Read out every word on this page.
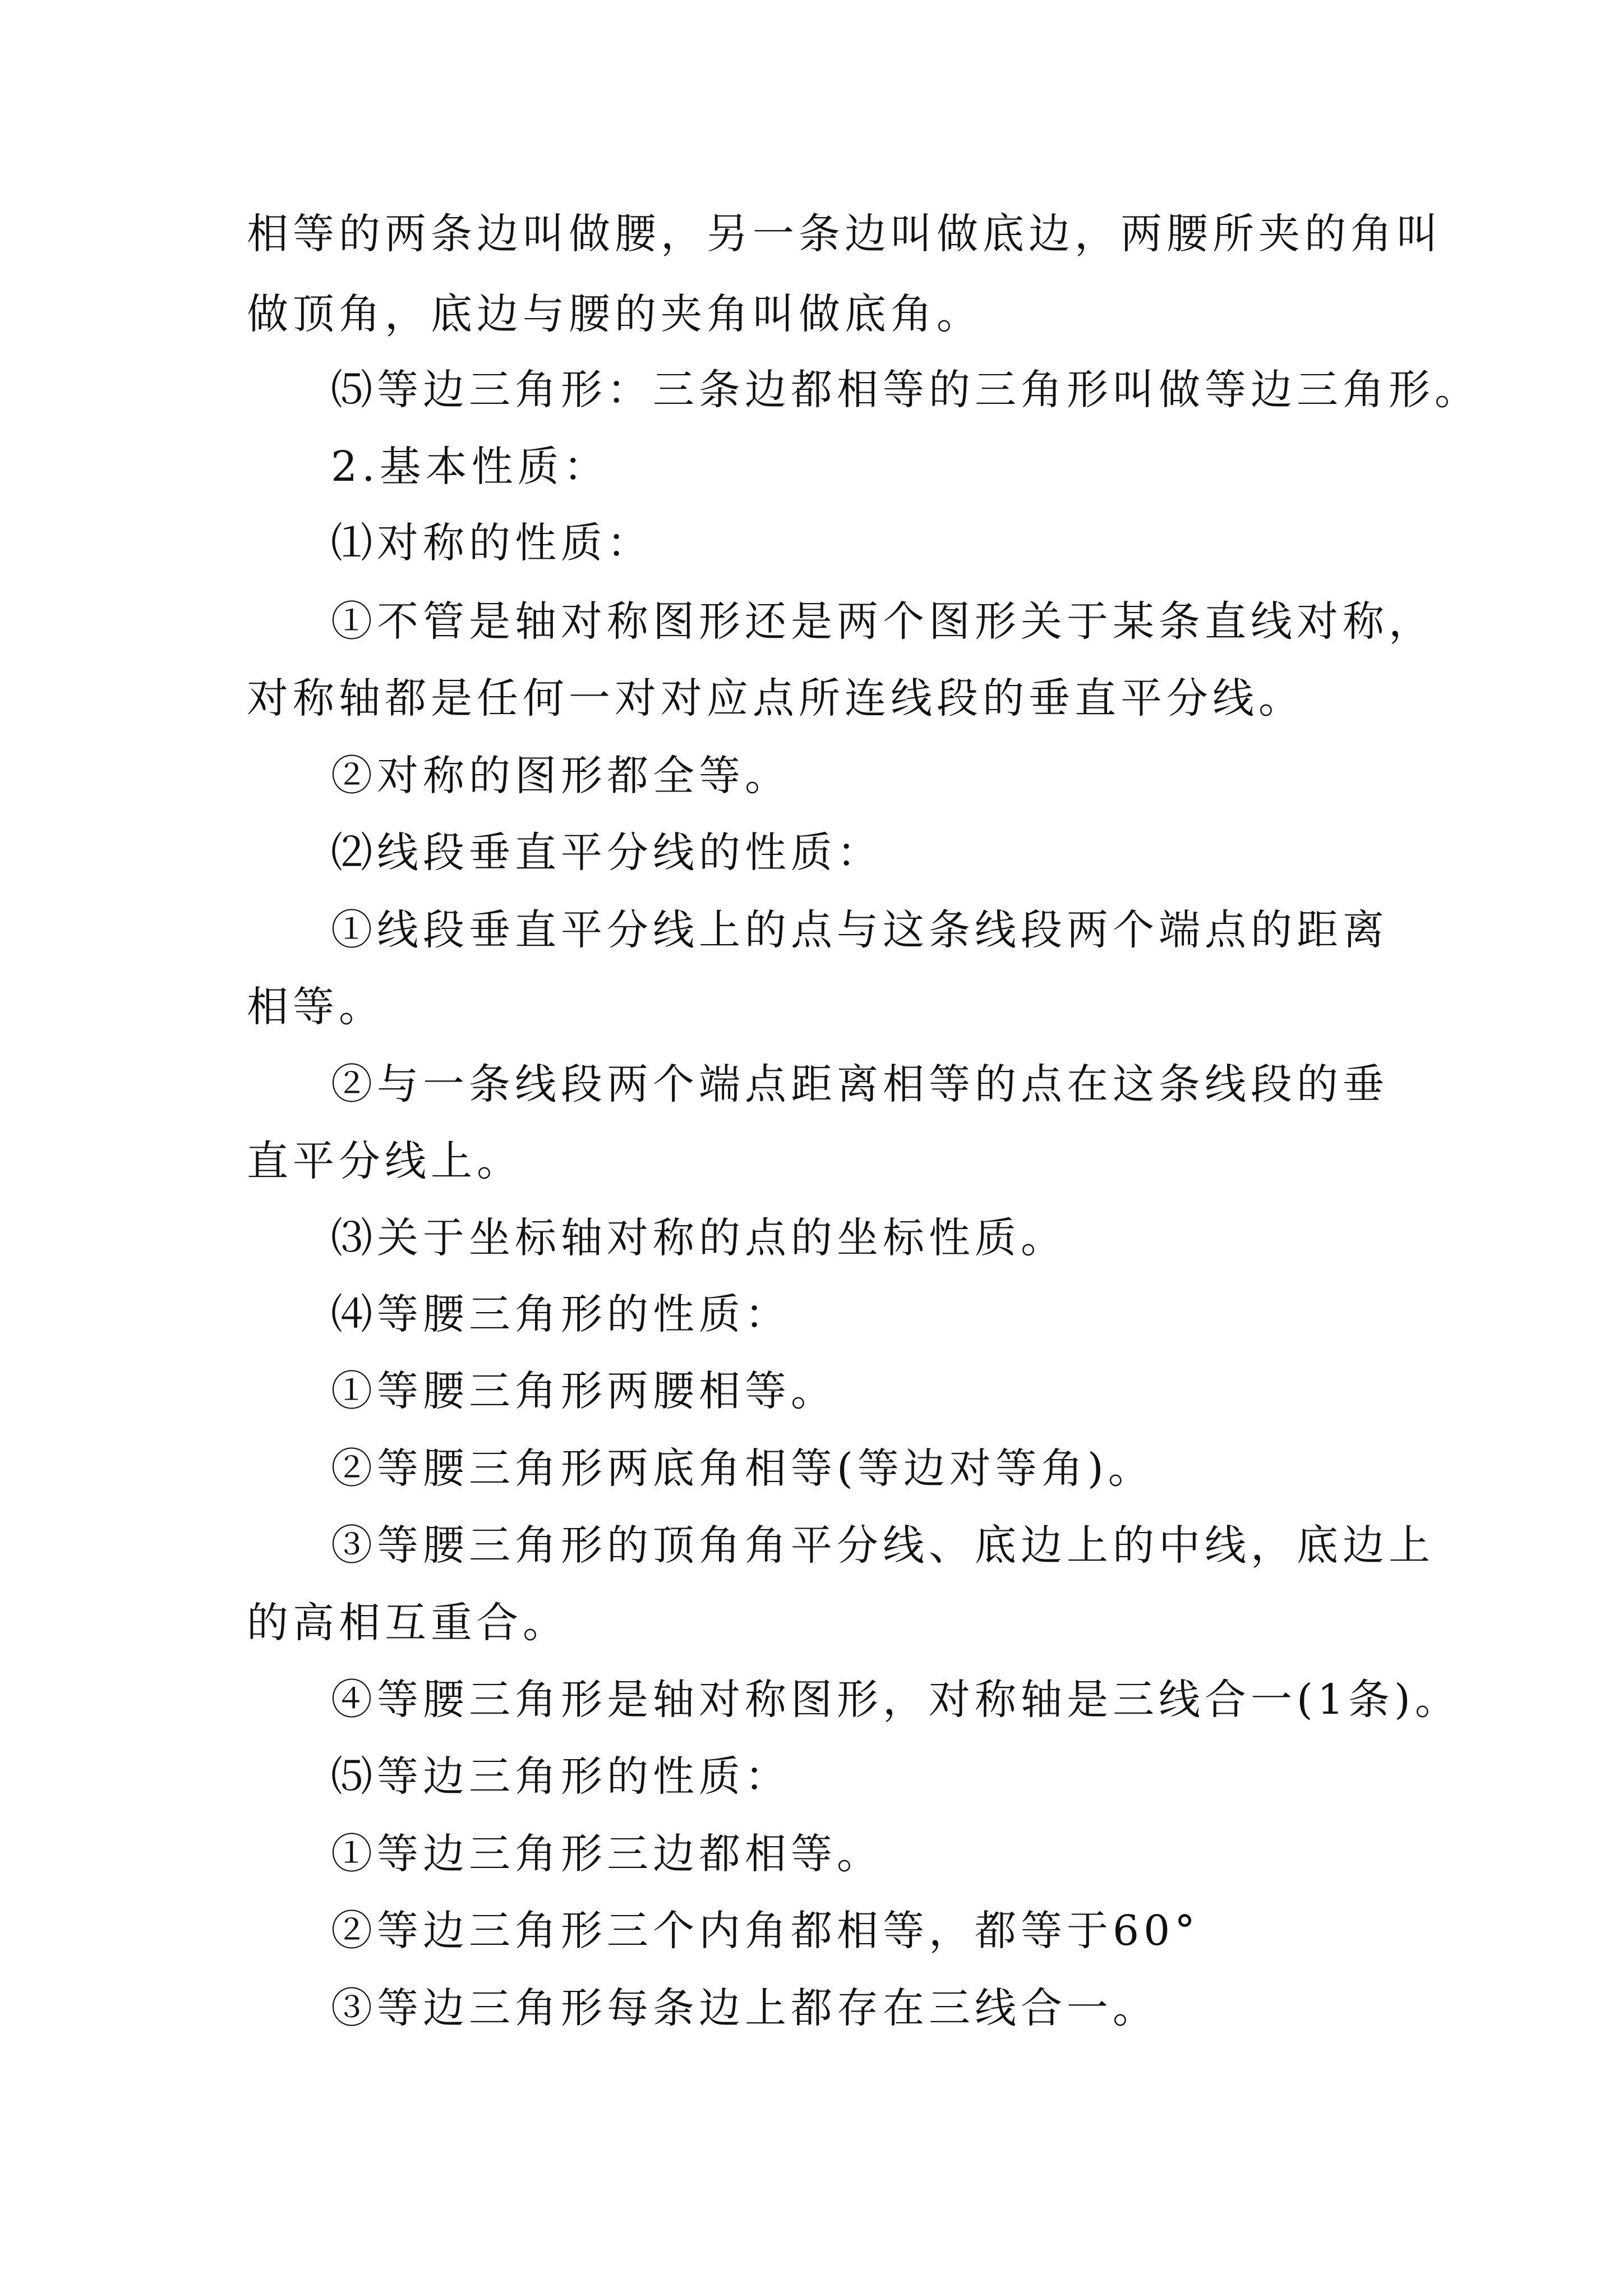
相等的两条边叫做腰，另一条边叫做底边，两腰所夹的角叫
做顶角，底边与腰的夹角叫做底角。
⑸等边三角形：三条边都相等的三角形叫做等边三角形。
2.基本性质：
⑴对称的性质：
①不管是轴对称图形还是两个图形关于某条直线对称，
对称轴都是任何一对对应点所连线段的垂直平分线。
②对称的图形都全等。
⑵线段垂直平分线的性质：
①线段垂直平分线上的点与这条线段两个端点的距离
相等。
②与一条线段两个端点距离相等的点在这条线段的垂
直平分线上。
⑶关于坐标轴对称的点的坐标性质。
⑷等腰三角形的性质：
①等腰三角形两腰相等。
②等腰三角形两底角相等(等边对等角)。
③等腰三角形的顶角角平分线、底边上的中线，底边上
的高相互重合。
④等腰三角形是轴对称图形，对称轴是三线合一(1条)。
⑸等边三角形的性质：
①等边三角形三边都相等。
②等边三角形三个内角都相等，都等于60°
③等边三角形每条边上都存在三线合一。
